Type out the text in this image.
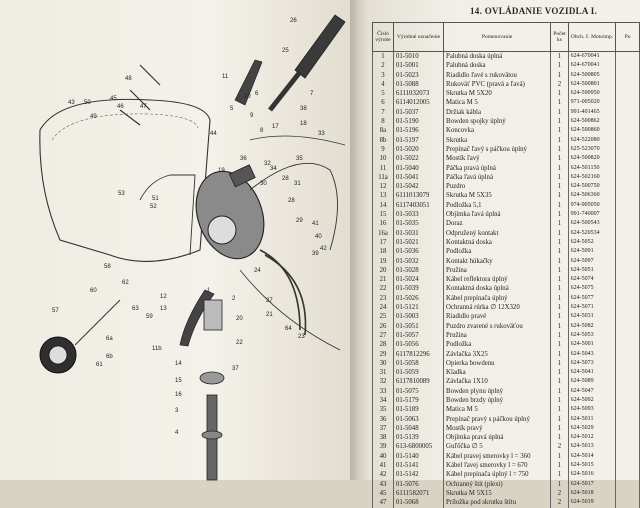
26
25
11
5
6	7
38
18
17
20
22
12
13
14
15
16
3
4
48
49
45
46	47
43 50
53
52
51	28
29
30	31
32
33
34
35
36
37
39
40
41
42
44
19
21
23
24
8
9
10
1
2
57
58
59
60
61
62
63
64
6a
6b
11b
27
28
14. OVLÁDANIE VOZIDLA I.
Číslo výrobe	Výrobné označenie	Pomenovanie	Počet ks	Obch. č. Motoimp.	Po
1	01-5010	Palubná doska úplná	1	624-670041	
2	01-5001	Palubná doska	1	624-670041	
3	01-5023	Riadidlo ľavé s rukovätou	1	624-500805	
4	01-5088	Rukoväť PVC (pravá a ľavá)	2	624-500801	
5	6111032073	Skrutka M 5X20	1	624-590950	
6	6114012005	Matica M 5	1	971-005020	
7	01-5037	Držiak kábla	1	991-401465	
8	01-5190	Bowden spojky úplný	1	624-500862	
8a	01-5196	Koncovka	1	624-500860	
8b	01-5197	Skrutka	1	624-522080	
9	01-5020	Prepínač ľavý s páčkou úplný	1	625-523070	
10	01-5022	Mostík ľavý	1	624-500820	
11	01-5040	Páčka pravá úplná	1	624-501150	
11a	01-5041	Páčka ľavá úplná	1	624-502160	
12	01-5042	Puzdro	1	624-500750	
13	6111013079	Skrutka M 5X35	1	624-506360	
14	6117403051	Podložka 5,1	1	974-905050	
15	01-5033	Objímka ľavá úplná	1	991-740007	
16	01-5035	Doraz	1	624-500543	
16a	01-5031	Odpružený kontakt	1	624-520534	
17	01-5021	Kontaktná doska	1	624-5052	
18	01-5036	Podložka	1	624-5091	
19	01-5032	Kontakt húkačky	1	624-5097	
20	01-5028	Pružina	1	624-5051	
21	01-5024	Kábel reflektora úplný	1	624-5074	
22	01-5039	Kontaktná doska úplná	1	624-5075	
23	01-5026	Kábel prepínača úplný	1	624-5077	
24	01-5121	Ochranná rúrka ∅ 12X320	1	624-5071	
25	01-5003	Riadidlo pravé	1	624-5031	
26	01-5051	Puzdro zvarené s rukoväťou	1	624-5082	
27	01-5057	Pružina	1	624-5053	
28	01-5056	Podložka	1	624-5001	
29	6117812296	Závlačka 3X25	1	624-5043	
30	01-5058	Opierka bowdenu	1	624-5073	
31	01-5059	Kladka	1	624-5041	
32	6117810089	Závlačka 1X10	1	624-5089	
33	01-5075	Bowden plynu úplný	1	624-5047	
34	01-5179	Bowden brzdy úplný	1	624-5092	
35	01-5189	Matica M 5	1	624-5093	
36	01-5063	Prepínač pravý s páčkou úplný	1	624-5011	
37	01-5048	Mostík pravý	1	624-5029	
38	01-5139	Objímka pravá úplná	1	624-5012	
39	613-6800005	Guľôčka ∅ 5	2	624-5013	
40	01-5140	Kábel pravej smerovky l = 360	1	624-5014	
41	01-5141	Kábel ľavej smerovky l = 670	1	624-5015	
42	01-5142	Kábel prepínača úplný l = 750	1	624-5016	
43	01-5076	Ochranný štít (plexi)	1	624-5017	
45	6111582071	Skrutka M 5X15	2	624-5018	
47	01-5068	Príložka pod skrutku štítu	2	624-5019	
